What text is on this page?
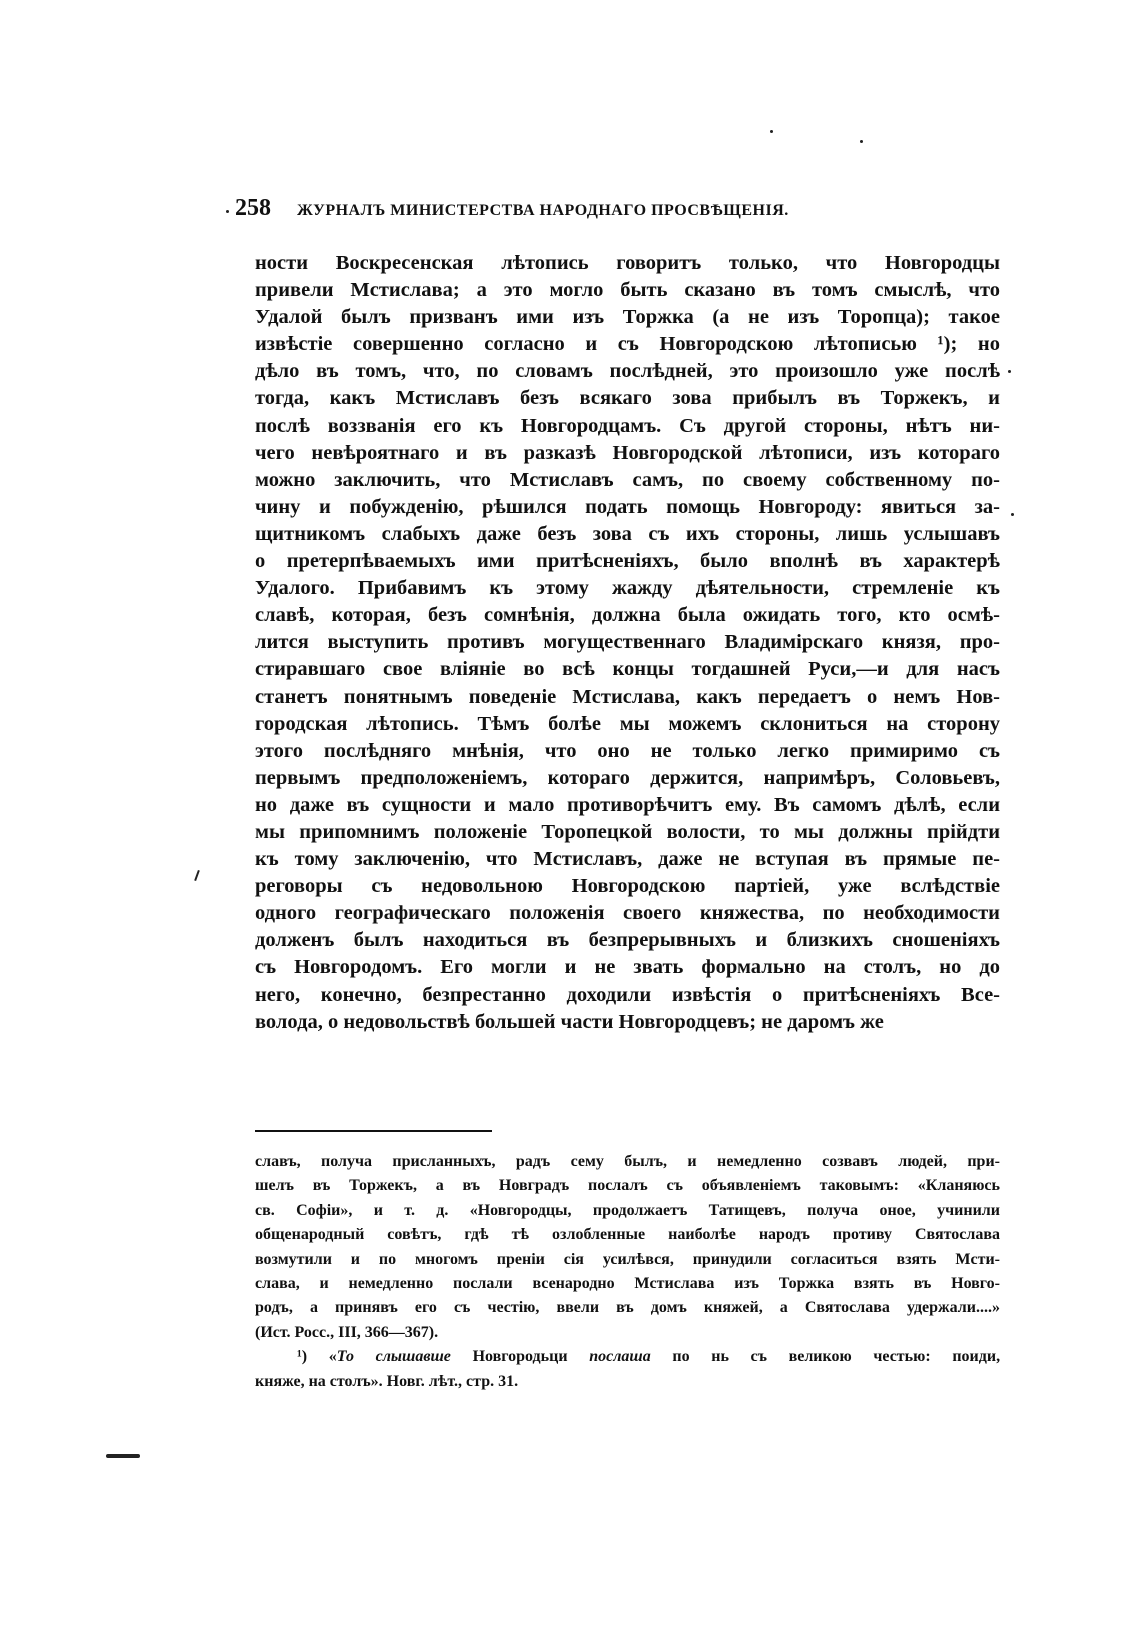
258 ЖУРНАЛЪ МИНИСТЕРСТВА НАРОДНАГО ПРОСВѢЩЕНІЯ.
ности Воскресенская лѣтопись говоритъ только, что Новгородцы
привели Мстислава; а это могло быть сказано въ томъ смыслѣ, что
Удалой былъ призванъ ими изъ Торжка (а не изъ Торопца); такое
извѣстіе совершенно согласно и съ Новгородскою лѣтописью ¹); но
дѣло въ томъ, что, по словамъ послѣдней, это произошло уже послѣ
тогда, какъ Мстиславъ безъ всякаго зова прибылъ въ Торжекъ, и
послѣ воззванія его къ Новгородцамъ. Съ другой стороны, нѣтъ ни-
чего невѣроятнаго и въ разказѣ Новгородской лѣтописи, изъ котораго
можно заключить, что Мстиславъ самъ, по своему собственному по-
чину и побужденію, рѣшился подать помощь Новгороду: явиться за-
щитникомъ слабыхъ даже безъ зова съ ихъ стороны, лишь услышавъ
о претерпѣваемыхъ ими притѣсненіяхъ, было вполнѣ въ характерѣ
Удалого. Прибавимъ къ этому жажду дѣятельности, стремленіе къ
славѣ, которая, безъ сомнѣнія, должна была ожидать того, кто осмѣ-
лится выступить противъ могущественнаго Владимірскаго князя, про-
стиравшаго свое вліяніе во всѣ концы тогдашней Руси,—и для насъ
станетъ понятнымъ поведеніе Мстислава, какъ передаетъ о немъ Нов-
городская лѣтопись. Тѣмъ болѣе мы можемъ склониться на сторону
этого послѣдняго мнѣнія, что оно не только легко примиримо съ
первымъ предположеніемъ, котораго держится, напримѣръ, Соловьевъ,
но даже въ сущности и мало противорѣчитъ ему. Въ самомъ дѣлѣ, если
мы припомнимъ положеніе Торопецкой волости, то мы должны прійдти
къ тому заключенію, что Мстиславъ, даже не вступая въ прямые пе-
реговоры съ недовольною Новгородскою партіей, уже вслѣдствіе
одного географическаго положенія своего княжества, по необходимости
долженъ былъ находиться въ безпрерывныхъ и близкихъ сношеніяхъ
съ Новгородомъ. Его могли и не звать формально на столъ, но до
него, конечно, безпрестанно доходили извѣстія о притѣсненіяхъ Все-
волода, о недовольствѣ большей части Новгородцевъ; не даромъ же
славъ, получа присланныхъ, радъ сему былъ, и немедленно созвавъ людей, при-
шелъ въ Торжекъ, а въ Новградъ послалъ съ объявленіемъ таковымъ: «Кланяюсь
св. Софіи», и т. д. «Новгородцы, продолжаетъ Татищевъ, получа оное, учинили
общенародный совѣтъ, гдѣ тѣ озлобленные наиболѣе народъ противу Святослава
возмутили и по многомъ преніи сія усилѣвся, принудили согласиться взять Мсти-
слава, и немедленно послали всенародно Мстислава изъ Торжка взять въ Новго-
родъ, а принявъ его съ честію, ввели въ домъ княжей, а Святослава удержали....»
(Ист. Росс., III, 366—367).
¹) «То слышавше Новгородьци послаша по нь съ великою честью: поиди,
княже, на столъ». Новг. лѣт., стр. 31.
